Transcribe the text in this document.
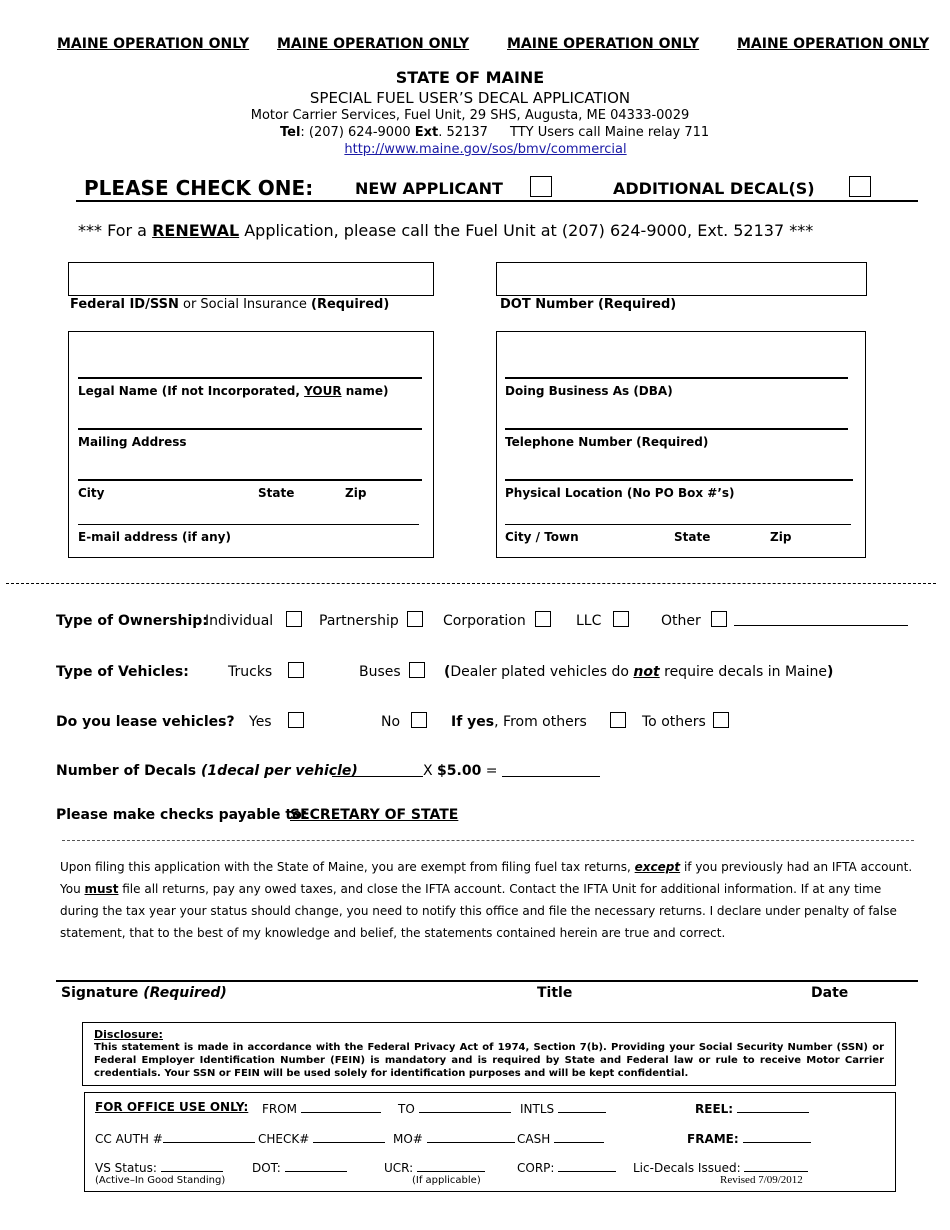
MAINE OPERATION ONLY MAINE OPERATION ONLY	MAINE OPERATION ONLY	MAINE OPERATION ONLY
STATE OF MAINE
SPECIAL FUEL USER’S DECAL APPLICATION
Motor Carrier Services, Fuel Unit, 29 SHS, Augusta, ME 04333-0029
Tel: (207) 624-9000 Ext. 52137 TTY Users call Maine relay 711
http://www.maine.gov/sos/bmv/commercial
PLEASE CHECK ONE:	NEW APPLICANT	ADDITIONAL DECAL(S)
*** For a RENEWAL Application, please call the Fuel Unit at (207) 624-9000, Ext. 52137 ***
Federal ID/SSN or Social Insurance (Required)	DOT Number (Required)
Legal Name (If not Incorporated, YOUR name)
Mailing Address
City	State	Zip
E-mail address (if any)
Doing Business As (DBA)
Telephone Number (Required)
Physical Location (No PO Box #’s)
City / Town	State	Zip
Type of Ownership:
Individual	Partnership	Corporation	LLC	Other
Type of Vehicles:	Trucks	Buses	(Dealer plated vehicles do not require decals in Maine)
Do you lease vehicles? Yes	No	If yes, From others	To others
Number of Decals (1decal per vehicle)	X $5.00 =
Please make checks payable to:
SECRETARY OF STATE
Upon filing this application with the State of Maine, you are exempt from filing fuel tax returns, except if you previously had an IFTA account.
You must file all returns, pay any owed taxes, and close the IFTA account. Contact the IFTA Unit for additional information. If at any time
during the tax year your status should change, you need to notify this office and file the necessary returns. I declare under penalty of false
statement, that to the best of my knowledge and belief, the statements contained herein are true and correct.
Signature (Required)	Title	Date
Disclosure:
This statement is made in accordance with the Federal Privacy Act of 1974, Section 7(b). Providing your Social Security Number (SSN) or Federal Employer Identification Number (FEIN) is mandatory and is required by State and Federal law or rule to receive Motor Carrier credentials. Your SSN or FEIN will be used solely for identification purposes and will be kept confidential.
FOR OFFICE USE ONLY: FROM	TO	INTLS	REEL:
CC AUTH #	CHECK#	MO#	CASH	FRAME:
VS Status:	DOT:	UCR:	CORP:	Lic-Decals Issued:
(Active–In Good Standing)	(If applicable)	Revised 7/09/2012
